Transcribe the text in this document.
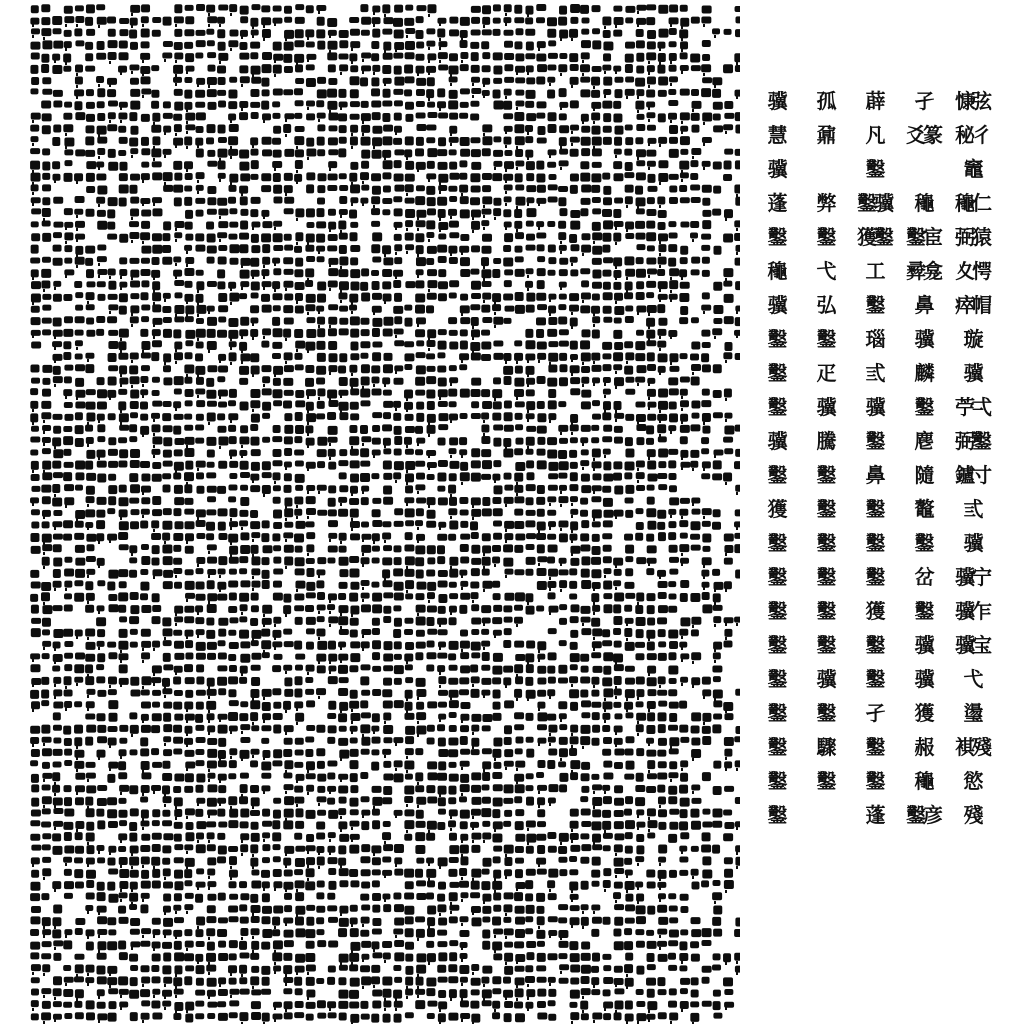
慷弦
秘彳
竈
龝仁
弼猿
夊愕
瘁帽
璇
骥
苧弌
弼鑿
鑪寸
弎
骥
骥宁
骥乍
骥宝
弋
璗
褀殘
慾
殘
孑
爻篆
龝
鑿宦
彛龛
鼻
骥
麟
鑿
麀
隨
鼇
鑿
岔
鑿
骥
骥
獲
赧
龝
鑿彦
薜
凡
鑿
鑿骥
獲鑿
工
鑿
瑙
弎
骥
鑿
鼻
鑿
鑿
鑿
獲
鑿
鑿
孑
鑿
鑿
蓬
孤
鼐
弊
鑿
弋
弘
鑿
疋
骥
騰
鑿
鑿
鑿
鑿
鑿
鑿
骥
鑿
驟
鑿
骥
慧
骥
蓬
鑿
龝
骥
鑿
鑿
鑿
骥
鑿
獲
鑿
鑿
鑿
鑿
鑿
鑿
鑿
鑿
鑿
